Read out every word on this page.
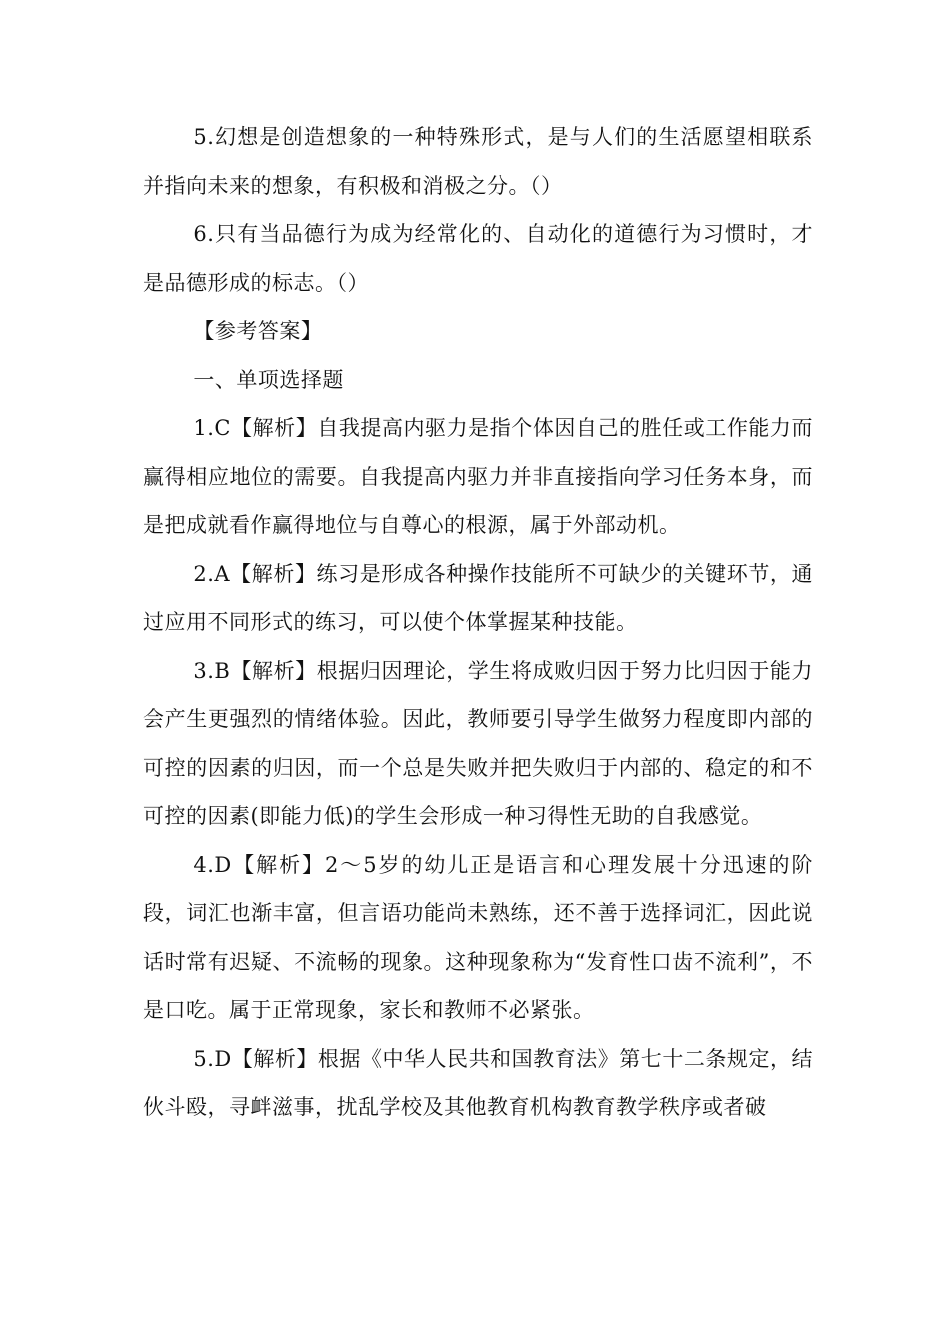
5.幻想是创造想象的一种特殊形式，是与人们的生活愿望相联系并指向未来的想象，有积极和消极之分。（）

6.只有当品德行为成为经常化的、自动化的道德行为习惯时，才是品德形成的标志。（）

【参考答案】

一、单项选择题

1.C【解析】自我提高内驱力是指个体因自己的胜任或工作能力而赢得相应地位的需要。自我提高内驱力并非直接指向学习任务本身，而是把成就看作赢得地位与自尊心的根源，属于外部动机。

2.A【解析】练习是形成各种操作技能所不可缺少的关键环节，通过应用不同形式的练习，可以使个体掌握某种技能。

3.B【解析】根据归因理论，学生将成败归因于努力比归因于能力会产生更强烈的情绪体验。因此，教师要引导学生做努力程度即内部的可控的因素的归因，而一个总是失败并把失败归于内部的、稳定的和不可控的因素(即能力低)的学生会形成一种习得性无助的自我感觉。

4.D【解析】2～5岁的幼儿正是语言和心理发展十分迅速的阶段，词汇也渐丰富，但言语功能尚未熟练，还不善于选择词汇，因此说话时常有迟疑、不流畅的现象。这种现象称为“发育性口齿不流利”，不是口吃。属于正常现象，家长和教师不必紧张。

5.D【解析】根据《中华人民共和国教育法》第七十二条规定，结伙斗殴，寻衅滋事，扰乱学校及其他教育机构教育教学秩序或者破
